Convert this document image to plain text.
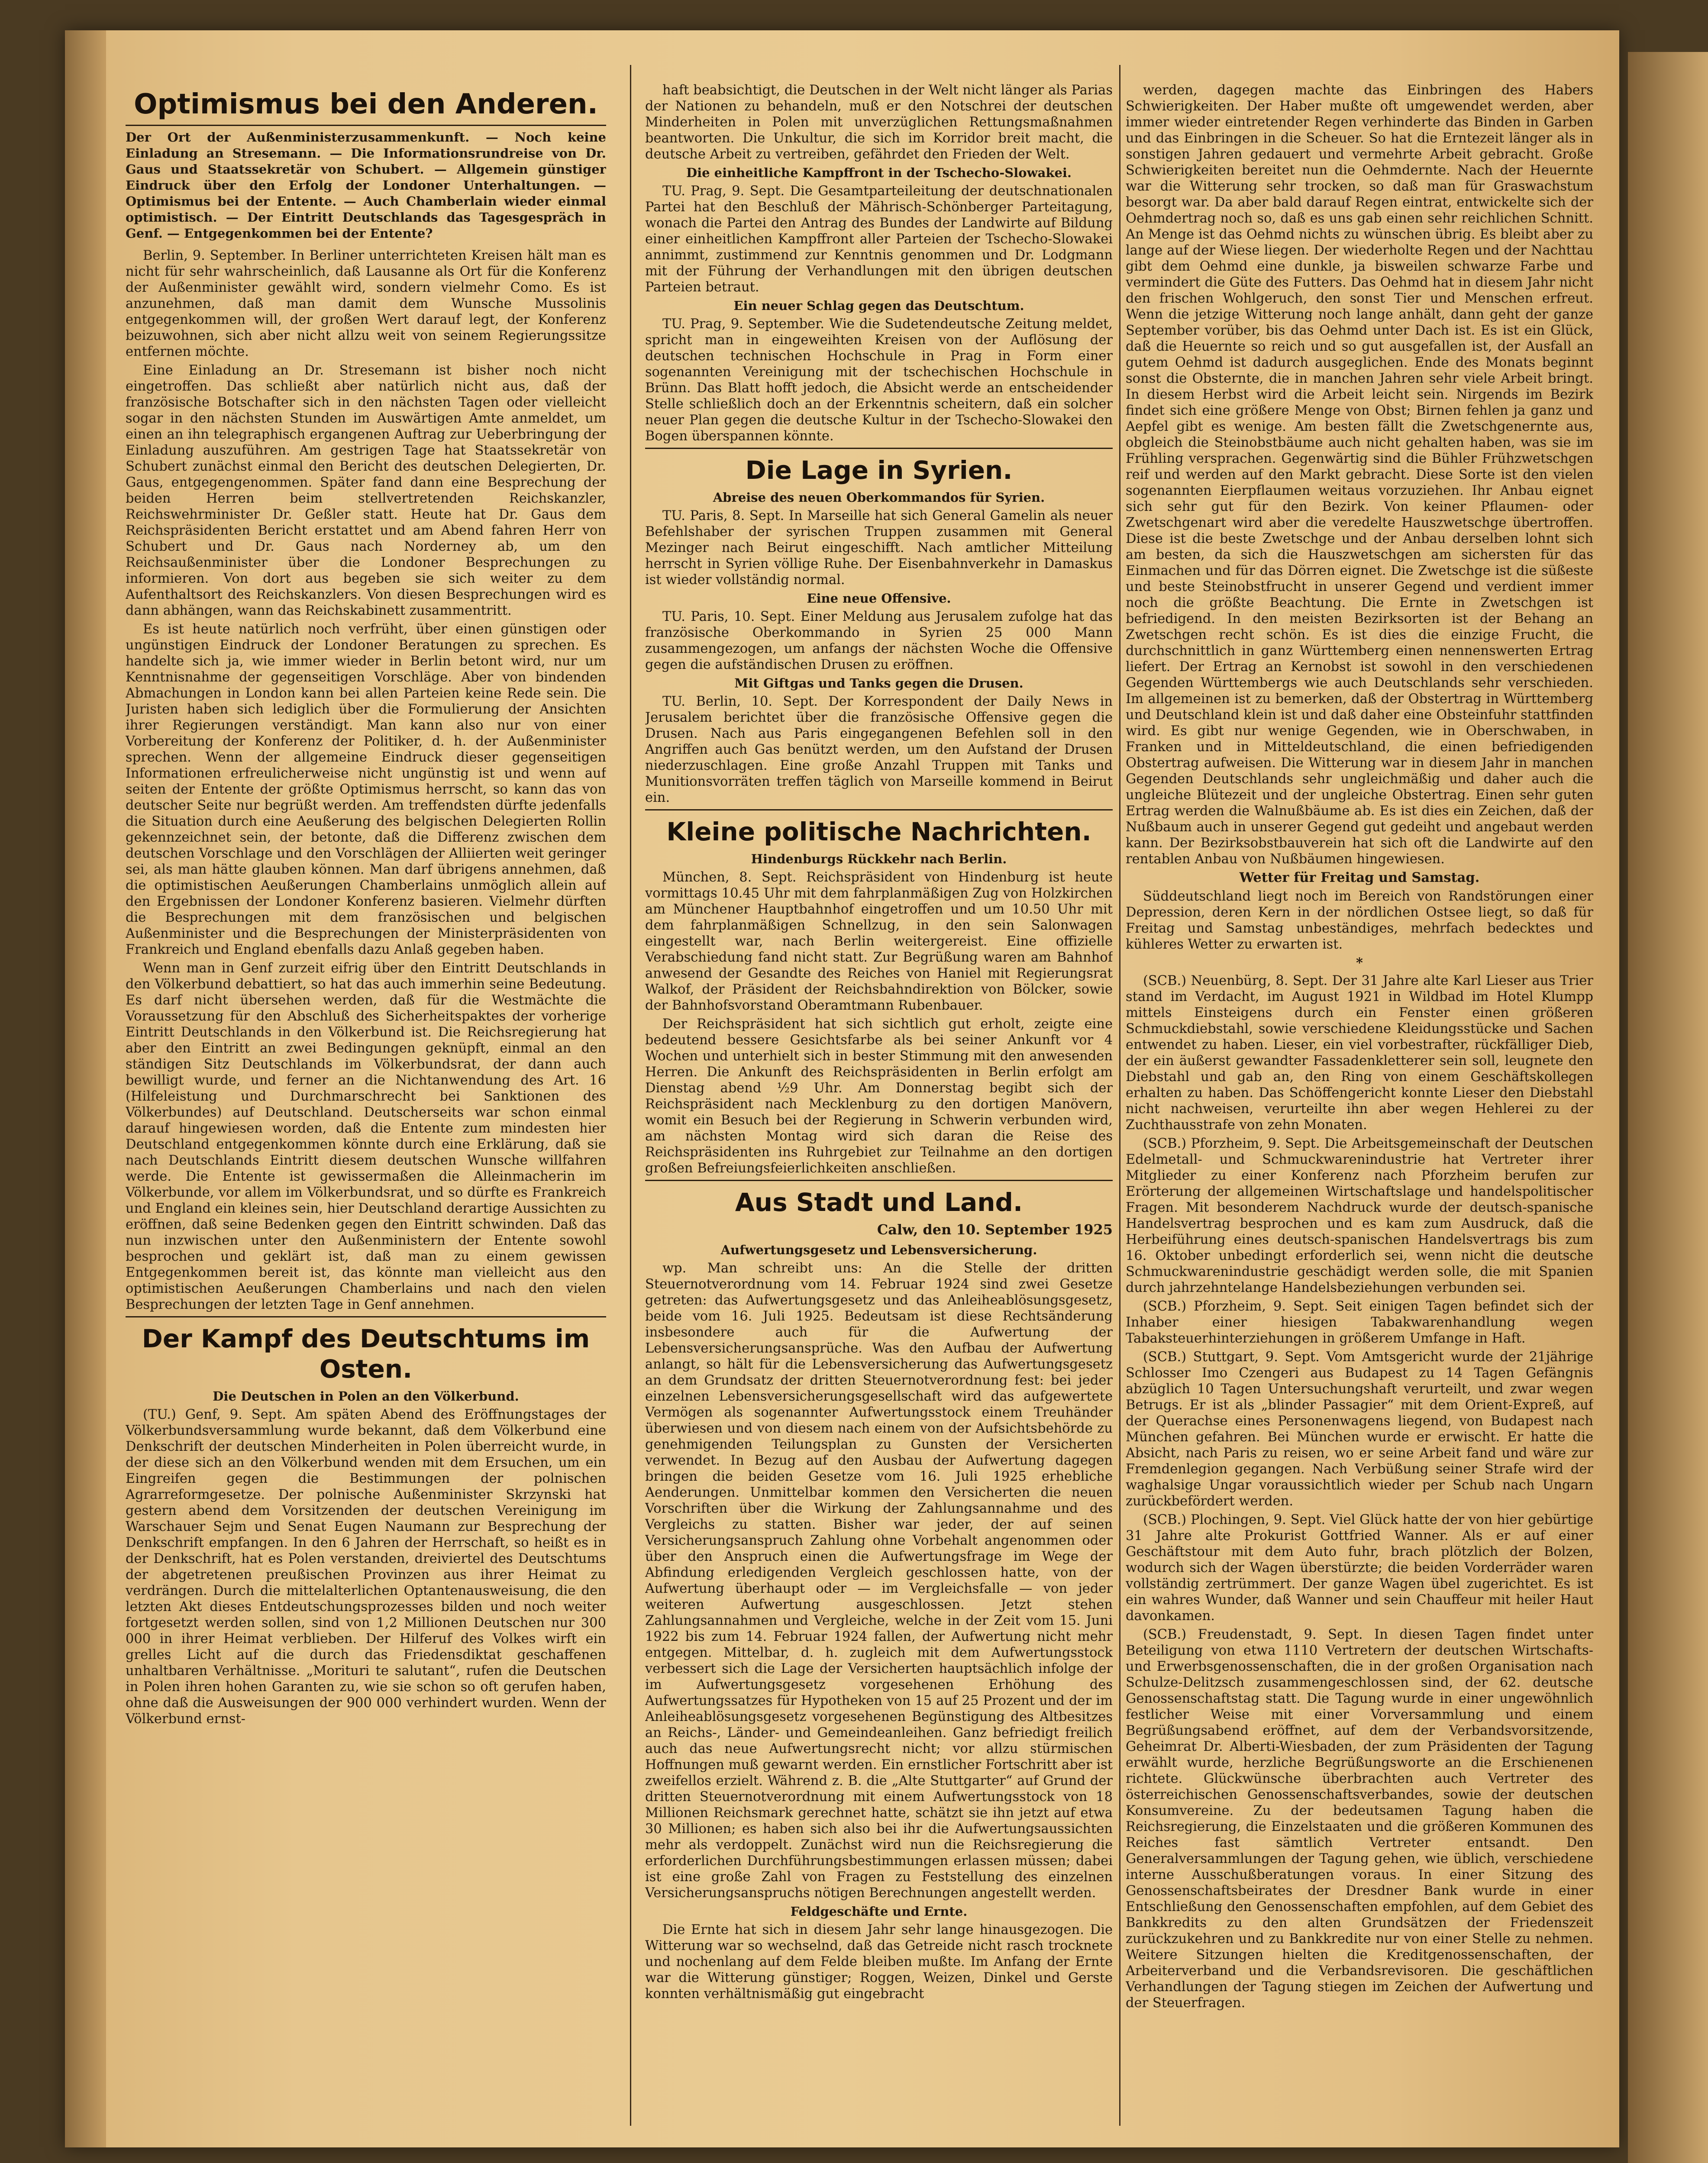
Optimismus bei den Anderen.
Der Ort der Außenministerzusammenkunft. — Noch keine Einladung an Stresemann. — Die Informationsrundreise von Dr. Gaus und Staatssekretär von Schubert. — Allgemein günstiger Eindruck über den Erfolg der Londoner Unterhaltungen. — Optimismus bei der Entente. — Auch Chamberlain wieder einmal optimistisch. — Der Eintritt Deutschlands das Tagesgespräch in Genf. — Entgegenkommen bei der Entente?

Berlin, 9. September. In Berliner unterrichteten Kreisen hält man es nicht für sehr wahrscheinlich, daß Lausanne als Ort für die Konferenz der Außenminister gewählt wird, sondern vielmehr Como. Es ist anzunehmen, daß man damit dem Wunsche Mussolinis entgegenkommen will, der großen Wert darauf legt, der Konferenz beizuwohnen, sich aber nicht allzu weit von seinem Regierungssitze entfernen möchte.

Eine Einladung an Dr. Stresemann ist bisher noch nicht eingetroffen. Das schließt aber natürlich nicht aus, daß der französische Botschafter sich in den nächsten Tagen oder vielleicht sogar in den nächsten Stunden im Auswärtigen Amte anmeldet, um einen an ihn telegraphisch ergangenen Auftrag zur Ueberbringung der Einladung auszuführen. Am gestrigen Tage hat Staatssekretär von Schubert zunächst einmal den Bericht des deutschen Delegierten, Dr. Gaus, entgegengenommen. Später fand dann eine Besprechung der beiden Herren beim stellvertretenden Reichskanzler, Reichswehrminister Dr. Geßler statt. Heute hat Dr. Gaus dem Reichspräsidenten Bericht erstattet und am Abend fahren Herr von Schubert und Dr. Gaus nach Norderney ab, um den Reichsaußenminister über die Londoner Besprechungen zu informieren. Von dort aus begeben sie sich weiter zu dem Aufenthaltsort des Reichskanzlers. Von diesen Besprechungen wird es dann abhängen, wann das Reichskabinett zusammentritt.

Es ist heute natürlich noch verfrüht, über einen günstigen oder ungünstigen Eindruck der Londoner Beratungen zu sprechen. Es handelte sich ja, wie immer wieder in Berlin betont wird, nur um Kenntnisnahme der gegenseitigen Vorschläge. Aber von bindenden Abmachungen in London kann bei allen Parteien keine Rede sein. Die Juristen haben sich lediglich über die Formulierung der Ansichten ihrer Regierungen verständigt. Man kann also nur von einer Vorbereitung der Konferenz der Politiker, d. h. der Außenminister sprechen. Wenn der allgemeine Eindruck dieser gegenseitigen Informationen erfreulicherweise nicht ungünstig ist und wenn auf seiten der Entente der größte Optimismus herrscht, so kann das von deutscher Seite nur begrüßt werden. Am treffendsten dürfte jedenfalls die Situation durch eine Aeußerung des belgischen Delegierten Rollin gekennzeichnet sein, der betonte, daß die Differenz zwischen dem deutschen Vorschlage und den Vorschlägen der Alliierten weit geringer sei, als man hätte glauben können. Man darf übrigens annehmen, daß die optimistischen Aeußerungen Chamberlains unmöglich allein auf den Ergebnissen der Londoner Konferenz basieren. Vielmehr dürften die Besprechungen mit dem französischen und belgischen Außenminister und die Besprechungen der Ministerpräsidenten von Frankreich und England ebenfalls dazu Anlaß gegeben haben.

Wenn man in Genf zurzeit eifrig über den Eintritt Deutschlands in den Völkerbund debattiert, so hat das auch immerhin seine Bedeutung. Es darf nicht übersehen werden, daß für die Westmächte die Voraussetzung für den Abschluß des Sicherheitspaktes der vorherige Eintritt Deutschlands in den Völkerbund ist. Die Reichsregierung hat aber den Eintritt an zwei Bedingungen geknüpft, einmal an den ständigen Sitz Deutschlands im Völkerbundsrat, der dann auch bewilligt wurde, und ferner an die Nichtanwendung des Art. 16 (Hilfeleistung und Durchmarschrecht bei Sanktionen des Völkerbundes) auf Deutschland. Deutscherseits war schon einmal darauf hingewiesen worden, daß die Entente zum mindesten hier Deutschland entgegenkommen könnte durch eine Erklärung, daß sie nach Deutschlands Eintritt diesem deutschen Wunsche willfahren werde. Die Entente ist gewissermaßen die Alleinmacherin im Völkerbunde, vor allem im Völkerbundsrat, und so dürfte es Frankreich und England ein kleines sein, hier Deutschland derartige Aussichten zu eröffnen, daß seine Bedenken gegen den Eintritt schwinden. Daß das nun inzwischen unter den Außenministern der Entente sowohl besprochen und geklärt ist, daß man zu einem gewissen Entgegenkommen bereit ist, das könnte man vielleicht aus den optimistischen Aeußerungen Chamberlains und nach den vielen Besprechungen der letzten Tage in Genf annehmen.

Der Kampf des Deutschtums im Osten.
Die Deutschen in Polen an den Völkerbund.

(TU.) Genf, 9. Sept. Am späten Abend des Eröffnungstages der Völkerbundsversammlung wurde bekannt, daß dem Völkerbund eine Denkschrift der deutschen Minderheiten in Polen überreicht wurde, in der diese sich an den Völkerbund wenden mit dem Ersuchen, um ein Eingreifen gegen die Bestimmungen der polnischen Agrarreformgesetze. Der polnische Außenminister Skrzynski hat gestern abend dem Vorsitzenden der deutschen Vereinigung im Warschauer Sejm und Senat Eugen Naumann zur Besprechung der Denkschrift empfangen. In den 6 Jahren der Herrschaft, so heißt es in der Denkschrift, hat es Polen verstanden, dreiviertel des Deutschtums der abgetretenen preußischen Provinzen aus ihrer Heimat zu verdrängen. Durch die mittelalterlichen Optantenausweisung, die den letzten Akt dieses Entdeutschungsprozesses bilden und noch weiter fortgesetzt werden sollen, sind von 1,2 Millionen Deutschen nur 300 000 in ihrer Heimat verblieben. Der Hilferuf des Volkes wirft ein grelles Licht auf die durch das Friedensdiktat geschaffenen unhaltbaren Verhältnisse. „Morituri te salutant“, rufen die Deutschen in Polen ihren hohen Garanten zu, wie sie schon so oft gerufen haben, ohne daß die Ausweisungen der 900 000 verhindert wurden. Wenn der Völkerbund ernst-

haft beabsichtigt, die Deutschen in der Welt nicht länger als Parias der Nationen zu behandeln, muß er den Notschrei der deutschen Minderheiten in Polen mit unverzüglichen Rettungsmaßnahmen beantworten. Die Unkultur, die sich im Korridor breit macht, die deutsche Arbeit zu vertreiben, gefährdet den Frieden der Welt.

Die einheitliche Kampffront in der Tschecho-Slowakei.

TU. Prag, 9. Sept. Die Gesamtparteileitung der deutschnationalen Partei hat den Beschluß der Mährisch-Schönberger Parteitagung, wonach die Partei den Antrag des Bundes der Landwirte auf Bildung einer einheitlichen Kampffront aller Parteien der Tschecho-Slowakei annimmt, zustimmend zur Kenntnis genommen und Dr. Lodgmann mit der Führung der Verhandlungen mit den übrigen deutschen Parteien betraut.

Ein neuer Schlag gegen das Deutschtum.

TU. Prag, 9. September. Wie die Sudetendeutsche Zeitung meldet, spricht man in eingeweihten Kreisen von der Auflösung der deutschen technischen Hochschule in Prag in Form einer sogenannten Vereinigung mit der tschechischen Hochschule in Brünn. Das Blatt hofft jedoch, die Absicht werde an entscheidender Stelle schließlich doch an der Erkenntnis scheitern, daß ein solcher neuer Plan gegen die deutsche Kultur in der Tschecho-Slowakei den Bogen überspannen könnte.

Die Lage in Syrien.
Abreise des neuen Oberkommandos für Syrien.

TU. Paris, 8. Sept. In Marseille hat sich General Gamelin als neuer Befehlshaber der syrischen Truppen zusammen mit General Mezinger nach Beirut eingeschifft. Nach amtlicher Mitteilung herrscht in Syrien völlige Ruhe. Der Eisenbahnverkehr in Damaskus ist wieder vollständig normal.

Eine neue Offensive.

TU. Paris, 10. Sept. Einer Meldung aus Jerusalem zufolge hat das französische Oberkommando in Syrien 25 000 Mann zusammengezogen, um anfangs der nächsten Woche die Offensive gegen die aufständischen Drusen zu eröffnen.

Mit Giftgas und Tanks gegen die Drusen.

TU. Berlin, 10. Sept. Der Korrespondent der Daily News in Jerusalem berichtet über die französische Offensive gegen die Drusen. Nach aus Paris eingegangenen Befehlen soll in den Angriffen auch Gas benützt werden, um den Aufstand der Drusen niederzuschlagen. Eine große Anzahl Truppen mit Tanks und Munitionsvorräten treffen täglich von Marseille kommend in Beirut ein.

Kleine politische Nachrichten.
Hindenburgs Rückkehr nach Berlin.

München, 8. Sept. Reichspräsident von Hindenburg ist heute vormittags 10.45 Uhr mit dem fahrplanmäßigen Zug von Holzkirchen am Münchener Hauptbahnhof eingetroffen und um 10.50 Uhr mit dem fahrplanmäßigen Schnellzug, in den sein Salonwagen eingestellt war, nach Berlin weitergereist. Eine offizielle Verabschiedung fand nicht statt. Zur Begrüßung waren am Bahnhof anwesend der Gesandte des Reiches von Haniel mit Regierungsrat Walkof, der Präsident der Reichsbahndirektion von Bölcker, sowie der Bahnhofsvorstand Oberamtmann Rubenbauer.

Der Reichspräsident hat sich sichtlich gut erholt, zeigte eine bedeutend bessere Gesichtsfarbe als bei seiner Ankunft vor 4 Wochen und unterhielt sich in bester Stimmung mit den anwesenden Herren. Die Ankunft des Reichspräsidenten in Berlin erfolgt am Dienstag abend ½9 Uhr. Am Donnerstag begibt sich der Reichspräsident nach Mecklenburg zu den dortigen Manövern, womit ein Besuch bei der Regierung in Schwerin verbunden wird, am nächsten Montag wird sich daran die Reise des Reichspräsidenten ins Ruhrgebiet zur Teilnahme an den dortigen großen Befreiungsfeierlichkeiten anschließen.

Aus Stadt und Land.
Calw, den 10. September 1925
Aufwertungsgesetz und Lebensversicherung.

wp. Man schreibt uns: An die Stelle der dritten Steuernotverordnung vom 14. Februar 1924 sind zwei Gesetze getreten: das Aufwertungsgesetz und das Anleiheablösungsgesetz, beide vom 16. Juli 1925. Bedeutsam ist diese Rechtsänderung insbesondere auch für die Aufwertung der Lebensversicherungsansprüche. Was den Aufbau der Aufwertung anlangt, so hält für die Lebensversicherung das Aufwertungsgesetz an dem Grundsatz der dritten Steuernotverordnung fest: bei jeder einzelnen Lebensversicherungsgesellschaft wird das aufgewertete Vermögen als sogenannter Aufwertungsstock einem Treuhänder überwiesen und von diesem nach einem von der Aufsichtsbehörde zu genehmigenden Teilungsplan zu Gunsten der Versicherten verwendet. In Bezug auf den Ausbau der Aufwertung dagegen bringen die beiden Gesetze vom 16. Juli 1925 erhebliche Aenderungen. Unmittelbar kommen den Versicherten die neuen Vorschriften über die Wirkung der Zahlungsannahme und des Vergleichs zu statten. Bisher war jeder, der auf seinen Versicherungsanspruch Zahlung ohne Vorbehalt angenommen oder über den Anspruch einen die Aufwertungsfrage im Wege der Abfindung erledigenden Vergleich geschlossen hatte, von der Aufwertung überhaupt oder — im Vergleichsfalle — von jeder weiteren Aufwertung ausgeschlossen. Jetzt stehen Zahlungsannahmen und Vergleiche, welche in der Zeit vom 15. Juni 1922 bis zum 14. Februar 1924 fallen, der Aufwertung nicht mehr entgegen. Mittelbar, d. h. zugleich mit dem Aufwertungsstock verbessert sich die Lage der Versicherten hauptsächlich infolge der im Aufwertungsgesetz vorgesehenen Erhöhung des Aufwertungssatzes für Hypotheken von 15 auf 25 Prozent und der im Anleiheablösungsgesetz vorgesehenen Begünstigung des Altbesitzes an Reichs-, Länder- und Gemeindeanleihen. Ganz befriedigt freilich auch das neue Aufwertungsrecht nicht; vor allzu stürmischen Hoffnungen muß gewarnt werden. Ein ernstlicher Fortschritt aber ist zweifellos erzielt. Während z. B. die „Alte Stuttgarter“ auf Grund der dritten Steuernotverordnung mit einem Aufwertungsstock von 18 Millionen Reichsmark gerechnet hatte, schätzt sie ihn jetzt auf etwa 30 Millionen; es haben sich also bei ihr die Aufwertungsaussichten mehr als verdoppelt. Zunächst wird nun die Reichsregierung die erforderlichen Durchführungsbestimmungen erlassen müssen; dabei ist eine große Zahl von Fragen zu Feststellung des einzelnen Versicherungsanspruchs nötigen Berechnungen angestellt werden.

Feldgeschäfte und Ernte.

Die Ernte hat sich in diesem Jahr sehr lange hinausgezogen. Die Witterung war so wechselnd, daß das Getreide nicht rasch trocknete und nochenlang auf dem Felde bleiben mußte. Im Anfang der Ernte war die Witterung günstiger; Roggen, Weizen, Dinkel und Gerste konnten verhältnismäßig gut eingebracht

werden, dagegen machte das Einbringen des Habers Schwierigkeiten. Der Haber mußte oft umgewendet werden, aber immer wieder eintretender Regen verhinderte das Binden in Garben und das Einbringen in die Scheuer. So hat die Erntezeit länger als in sonstigen Jahren gedauert und vermehrte Arbeit gebracht. Große Schwierigkeiten bereitet nun die Oehmdernte. Nach der Heuernte war die Witterung sehr trocken, so daß man für Graswachstum besorgt war. Da aber bald darauf Regen eintrat, entwickelte sich der Oehmdertrag noch so, daß es uns gab einen sehr reichlichen Schnitt. An Menge ist das Oehmd nichts zu wünschen übrig. Es bleibt aber zu lange auf der Wiese liegen. Der wiederholte Regen und der Nachttau gibt dem Oehmd eine dunkle, ja bisweilen schwarze Farbe und vermindert die Güte des Futters. Das Oehmd hat in diesem Jahr nicht den frischen Wohlgeruch, den sonst Tier und Menschen erfreut. Wenn die jetzige Witterung noch lange anhält, dann geht der ganze September vorüber, bis das Oehmd unter Dach ist. Es ist ein Glück, daß die Heuernte so reich und so gut ausgefallen ist, der Ausfall an gutem Oehmd ist dadurch ausgeglichen. Ende des Monats beginnt sonst die Obsternte, die in manchen Jahren sehr viele Arbeit bringt. In diesem Herbst wird die Arbeit leicht sein. Nirgends im Bezirk findet sich eine größere Menge von Obst; Birnen fehlen ja ganz und Aepfel gibt es wenige. Am besten fällt die Zwetschgenernte aus, obgleich die Steinobstbäume auch nicht gehalten haben, was sie im Frühling versprachen. Gegenwärtig sind die Bühler Frühzwetschgen reif und werden auf den Markt gebracht. Diese Sorte ist den vielen sogenannten Eierpflaumen weitaus vorzuziehen. Ihr Anbau eignet sich sehr gut für den Bezirk. Von keiner Pflaumen- oder Zwetschgenart wird aber die veredelte Hauszwetschge übertroffen. Diese ist die beste Zwetschge und der Anbau derselben lohnt sich am besten, da sich die Hauszwetschgen am sichersten für das Einmachen und für das Dörren eignet. Die Zwetschge ist die süßeste und beste Steinobstfrucht in unserer Gegend und verdient immer noch die größte Beachtung. Die Ernte in Zwetschgen ist befriedigend. In den meisten Bezirksorten ist der Behang an Zwetschgen recht schön. Es ist dies die einzige Frucht, die durchschnittlich in ganz Württemberg einen nennenswerten Ertrag liefert. Der Ertrag an Kernobst ist sowohl in den verschiedenen Gegenden Württembergs wie auch Deutschlands sehr verschieden. Im allgemeinen ist zu bemerken, daß der Obstertrag in Württemberg und Deutschland klein ist und daß daher eine Obsteinfuhr stattfinden wird. Es gibt nur wenige Gegenden, wie in Oberschwaben, in Franken und in Mitteldeutschland, die einen befriedigenden Obstertrag aufweisen. Die Witterung war in diesem Jahr in manchen Gegenden Deutschlands sehr ungleichmäßig und daher auch die ungleiche Blütezeit und der ungleiche Obstertrag. Einen sehr guten Ertrag werden die Walnußbäume ab. Es ist dies ein Zeichen, daß der Nußbaum auch in unserer Gegend gut gedeiht und angebaut werden kann. Der Bezirksobstbauverein hat sich oft die Landwirte auf den rentablen Anbau von Nußbäumen hingewiesen.

Wetter für Freitag und Samstag.

Süddeutschland liegt noch im Bereich von Randstörungen einer Depression, deren Kern in der nördlichen Ostsee liegt, so daß für Freitag und Samstag unbeständiges, mehrfach bedecktes und kühleres Wetter zu erwarten ist.

*

(SCB.) Neuenbürg, 8. Sept. Der 31 Jahre alte Karl Lieser aus Trier stand im Verdacht, im August 1921 in Wildbad im Hotel Klumpp mittels Einsteigens durch ein Fenster einen größeren Schmuckdiebstahl, sowie verschiedene Kleidungsstücke und Sachen entwendet zu haben. Lieser, ein viel vorbestrafter, rückfälliger Dieb, der ein äußerst gewandter Fassadenkletterer sein soll, leugnete den Diebstahl und gab an, den Ring von einem Geschäftskollegen erhalten zu haben. Das Schöffengericht konnte Lieser den Diebstahl nicht nachweisen, verurteilte ihn aber wegen Hehlerei zu der Zuchthausstrafe von zehn Monaten.

(SCB.) Pforzheim, 9. Sept. Die Arbeitsgemeinschaft der Deutschen Edelmetall- und Schmuckwarenindustrie hat Vertreter ihrer Mitglieder zu einer Konferenz nach Pforzheim berufen zur Erörterung der allgemeinen Wirtschaftslage und handelspolitischer Fragen. Mit besonderem Nachdruck wurde der deutsch-spanische Handelsvertrag besprochen und es kam zum Ausdruck, daß die Herbeiführung eines deutsch-spanischen Handelsvertrags bis zum 16. Oktober unbedingt erforderlich sei, wenn nicht die deutsche Schmuckwarenindustrie geschädigt werden solle, die mit Spanien durch jahrzehntelange Handelsbeziehungen verbunden sei.

(SCB.) Pforzheim, 9. Sept. Seit einigen Tagen befindet sich der Inhaber einer hiesigen Tabakwarenhandlung wegen Tabaksteuerhinterziehungen in größerem Umfange in Haft.

(SCB.) Stuttgart, 9. Sept. Vom Amtsgericht wurde der 21jährige Schlosser Imo Czengeri aus Budapest zu 14 Tagen Gefängnis abzüglich 10 Tagen Untersuchungshaft verurteilt, und zwar wegen Betrugs. Er ist als „blinder Passagier“ mit dem Orient-Expreß, auf der Querachse eines Personenwagens liegend, von Budapest nach München gefahren. Bei München wurde er erwischt. Er hatte die Absicht, nach Paris zu reisen, wo er seine Arbeit fand und wäre zur Fremdenlegion gegangen. Nach Verbüßung seiner Strafe wird der waghalsige Ungar voraussichtlich wieder per Schub nach Ungarn zurückbefördert werden.

(SCB.) Plochingen, 9. Sept. Viel Glück hatte der von hier gebürtige 31 Jahre alte Prokurist Gottfried Wanner. Als er auf einer Geschäftstour mit dem Auto fuhr, brach plötzlich der Bolzen, wodurch sich der Wagen überstürzte; die beiden Vorderräder waren vollständig zertrümmert. Der ganze Wagen übel zugerichtet. Es ist ein wahres Wunder, daß Wanner und sein Chauffeur mit heiler Haut davonkamen.

(SCB.) Freudenstadt, 9. Sept. In diesen Tagen findet unter Beteiligung von etwa 1110 Vertretern der deutschen Wirtschafts- und Erwerbsgenossenschaften, die in der großen Organisation nach Schulze-Delitzsch zusammengeschlossen sind, der 62. deutsche Genossenschaftstag statt. Die Tagung wurde in einer ungewöhnlich festlicher Weise mit einer Vorversammlung und einem Begrüßungsabend eröffnet, auf dem der Verbandsvorsitzende, Geheimrat Dr. Alberti-Wiesbaden, der zum Präsidenten der Tagung erwählt wurde, herzliche Begrüßungsworte an die Erschienenen richtete. Glückwünsche überbrachten auch Vertreter des österreichischen Genossenschaftsverbandes, sowie der deutschen Konsumvereine. Zu der bedeutsamen Tagung haben die Reichsregierung, die Einzelstaaten und die größeren Kommunen des Reiches fast sämtlich Vertreter entsandt. Den Generalversammlungen der Tagung gehen, wie üblich, verschiedene interne Ausschußberatungen voraus. In einer Sitzung des Genossenschaftsbeirates der Dresdner Bank wurde in einer Entschließung den Genossenschaften empfohlen, auf dem Gebiet des Bankkredits zu den alten Grundsätzen der Friedenszeit zurückzukehren und zu Bankkredite nur von einer Stelle zu nehmen. Weitere Sitzungen hielten die Kreditgenossenschaften, der Arbeiterverband und die Verbandsrevisoren. Die geschäftlichen Verhandlungen der Tagung stiegen im Zeichen der Aufwertung und der Steuerfragen.
